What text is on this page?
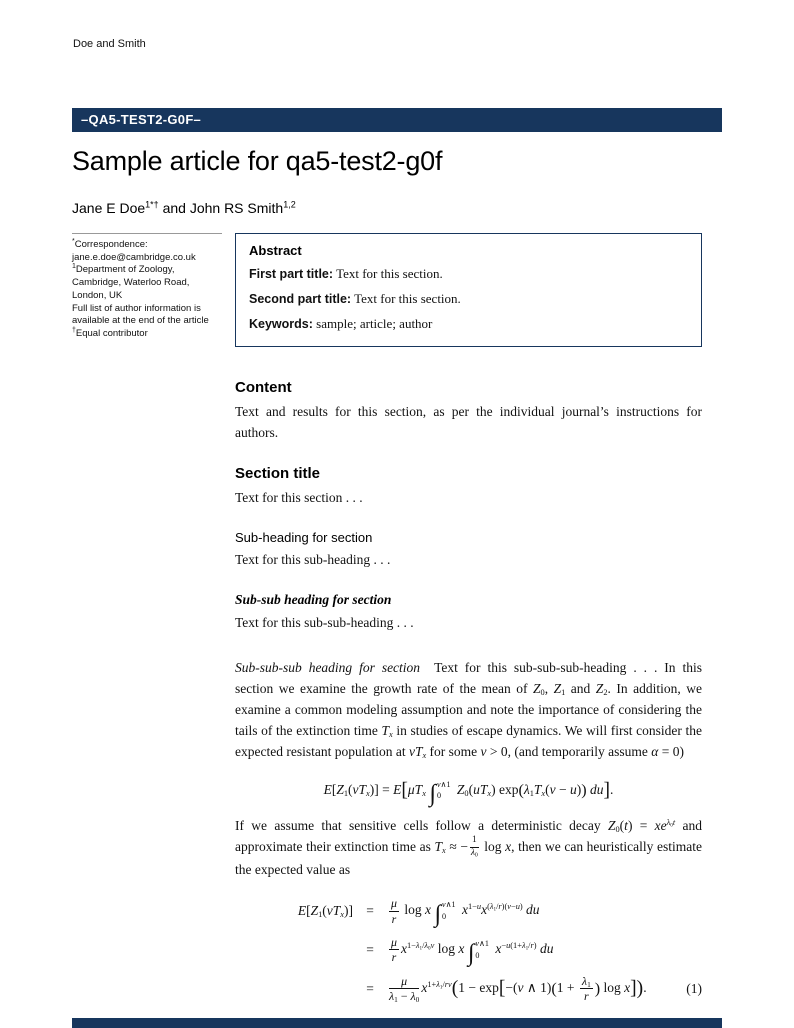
Doe and Smith
–QA5-TEST2-G0F–
Sample article for qa5-test2-g0f
Jane E Doe$^{1*\dagger}$ and John RS Smith$^{1,2}$
*Correspondence:
jane.e.doe@cambridge.co.uk
$^1$Department of Zoology,
Cambridge, Waterloo Road,
London, UK
Full list of author information is
available at the end of the article
†Equal contributor
Abstract
First part title: Text for this section.
Second part title: Text for this section.
Keywords: sample; article; author
Content

Text and results for this section, as per the individual journal’s instructions for authors.

Section title

Text for this section . . .

Sub-heading for section

Text for this sub-heading . . .

Sub-sub heading for section

Text for this sub-sub-heading . . .

Sub-sub-sub heading for section Text for this sub-sub-sub-heading . . . In this section we examine the growth rate of the mean of $Z_0$, $Z_1$ and $Z_2$. In addition, we examine a common modeling assumption and note the importance of considering the tails of the extinction time $T_x$ in studies of escape dynamics. We will first consider the expected resistant population at $vT_x$ for some v > 0, (and temporarily assume α = 0)

$E[Z_1(vT_x)] = E[\mu T_x$ ∫ v∧1
0	$Z_0(uT_x) \exp(\lambda_1T_x(v - u))$ du].

If we assume that sensitive cells follow a deterministic decay $Z_0(t) = xe^{\lambda_0t}$ and approximate their extinction time as $T_x$ ≈ − $\frac{1}{\lambda_0}$ log x, then we can heuristically estimate the expected value as

$E[Z_1(vT_x)]$ =	$\frac{\mu}{r}$ log x ∫ v∧1
0	$x^{1-u}x^{(\lambda_1/r)(v-u)}$ du
=	$\frac{\mu}{r} x^{1-\lambda_1/\lambda_0v}$ log x ∫ v∧1
0	$x^{-u(1+\lambda_1/r)}$ du
=	$\frac{\mu}{\lambda_1 - \lambda_0} x^{1+\lambda_1/rv}(1 - \exp[-(v$ ∧ $1)(1 + \frac{\lambda_1}{r}$ ) log x]).	(1)
